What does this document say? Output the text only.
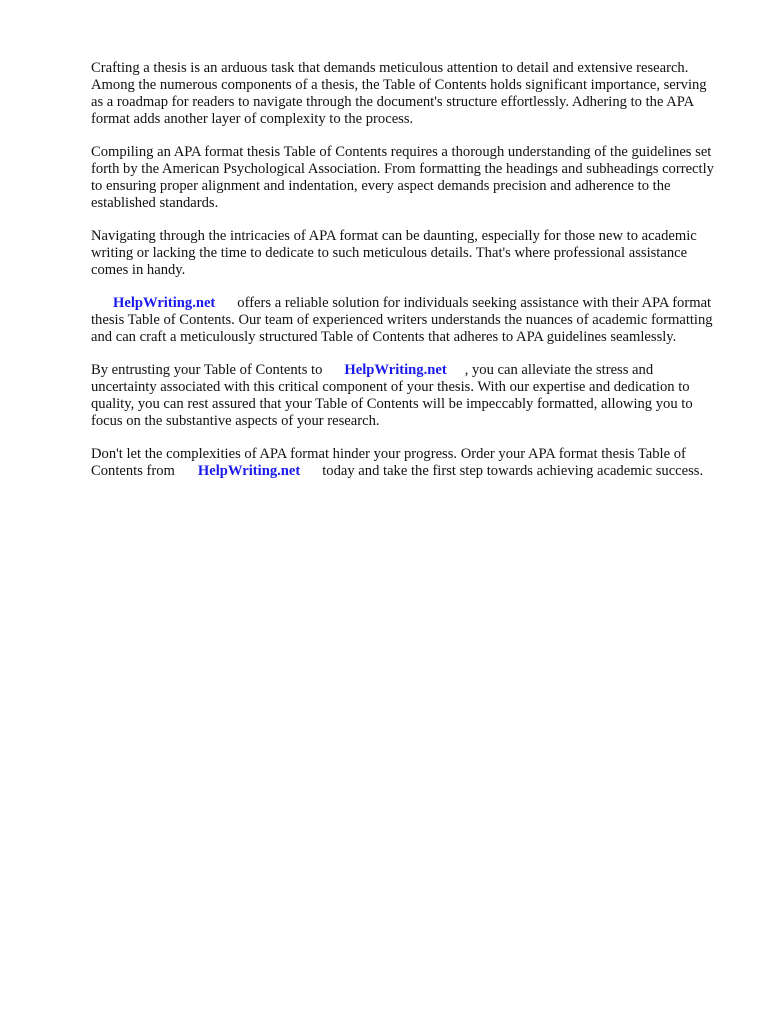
Crafting a thesis is an arduous task that demands meticulous attention to detail and extensive research. Among the numerous components of a thesis, the Table of Contents holds significant importance, serving as a roadmap for readers to navigate through the document's structure effortlessly. Adhering to the APA format adds another layer of complexity to the process.

Compiling an APA format thesis Table of Contents requires a thorough understanding of the guidelines set forth by the American Psychological Association. From formatting the headings and subheadings correctly to ensuring proper alignment and indentation, every aspect demands precision and adherence to the established standards.

Navigating through the intricacies of APA format can be daunting, especially for those new to academic writing or lacking the time to dedicate to such meticulous details. That's where professional assistance comes in handy.

HelpWriting.net offers a reliable solution for individuals seeking assistance with their APA format thesis Table of Contents. Our team of experienced writers understands the nuances of academic formatting and can craft a meticulously structured Table of Contents that adheres to APA guidelines seamlessly.

By entrusting your Table of Contents to HelpWriting.net , you can alleviate the stress and uncertainty associated with this critical component of your thesis. With our expertise and dedication to quality, you can rest assured that your Table of Contents will be impeccably formatted, allowing you to focus on the substantive aspects of your research.

Don't let the complexities of APA format hinder your progress. Order your APA format thesis Table of Contents from HelpWriting.net today and take the first step towards achieving academic success.
